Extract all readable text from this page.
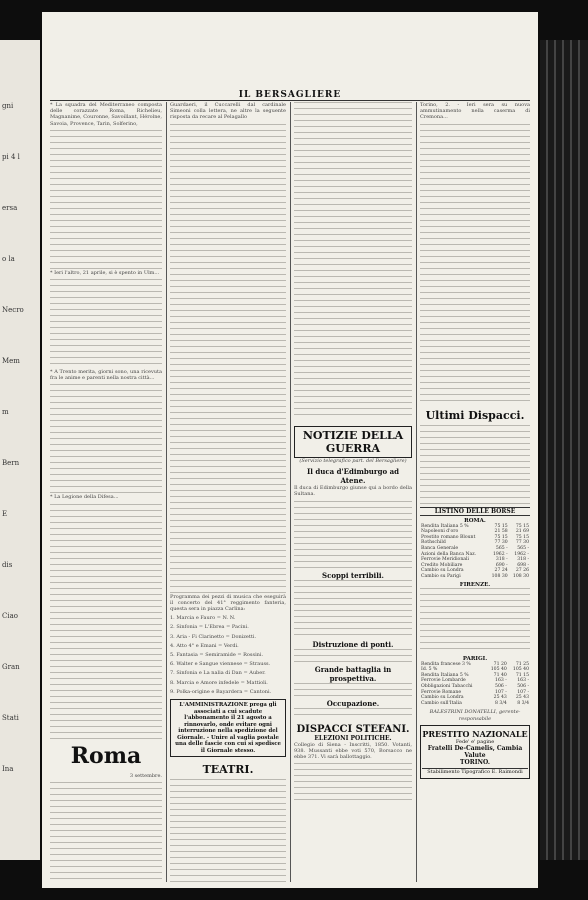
gni
pi 4 l
ersa
o la
Necro
Mem
m
Bern
E
dis
Ciao
Gran
Stati
Ina
IL BERSAGLIERE

* La squadra del Mediterraneo composta delle corazzate Roma, Richelieu, Magnanime, Couronne, Savoillant, Hérolne, Savoia, Provence, Tarin, Solferino,

* Ieri l'altro, 21 aprile, si è spento in Ulm...

* A Trento merita, giorni sono, una ricevuta fra le anime e parenti nella nostra città...

* La Legione della Difesa...

Roma

3 settembre.

Guardaeri, il Cuccarelli dal cardinale Simeoni colla lettera, ne altre la seguente risposta da recare al Pelagallo

Programma dei pezzi di musica che eseguirà il concerto del 41° reggimento fanteria, questa sera in piazza Carlina:

1. Marcia e Fauro = N. N.

2. Sinfonia = L'Ebrea = Pacini.

3. Aria - Fi Clarinetto = Donizetti.

4. Atto 4° e Emani = Verdi.

5. Fantasia = Semiramide = Rossini.

6. Walter e Sangue viennese = Strauss.

7. Sinfonia e La nalia di Dan = Auber.

8. Marcia e Amore infedele = Mattioli.

9. Polka-origine e Bayardera = Cantoni.

L'AMMINISTRAZIONE prega gli associati a cui scadute l'abbonamento il 21 agosto a rinnovarlo, onde evitare ogni interruzione nella spedizione del Giornale. - Unire al vaglia postale una delle fascie con cui si spedisce il Giornale stesso.
TEATRI.
NOTIZIE DELLA GUERRA

(Servizio telegrafico part. del Bersagliere)

Il duca d'Edimburgo ad Atene.

Il duca di Edimburgo giunse qui a bordo della Sultana.

Scoppi terribili.
Distruzione di ponti.
Grande battaglia in prospettiva.
Occupazione.
DISPACCI STEFANI.
ELEZIONI POLITICHE.

Collegio di Siena - Inscritti, 1850. Votanti, 938. Mussanti ebbe voti 570, Borsacco ne ebbe 371. Vi sarà ballottaggio.

Torino, 2. - Ieri sera su nuova ammutinamento nella caserma di Cremona...

Ultimi Dispacci.
LISTINO DELLE BORSE
ROMA.
Rendita Italiana 5 %	75 15	75 15
Napoleoni d'oro	21 58	21 69
Prestito romano Blount	75 15	75 15
Rothschild	77 30	77 30
Banca Generale	565 -	565 -
Azioni della Banca Naz.	1962 -	1962 -
Ferrovie Meridionali	318 -	318 -
Credito Mobiliare	690 -	698 -
Cambio su Londra	27 24	27 26
Cambio su Parigi	108 30	108 30
FIRENZE.
PARIGI.
Rendita francese 3 %	71 20	71 25
Id. 5 %	105 40	105 40
Rendita Italiana 5 %	71 40	71 15
Ferrovie Lombarde	163 -	163 -
Obbligazioni Tabacchi	506 -	506 -
Ferrovie Romane	107 -	107 -
Cambio su Londra	25 43	25 43
Cambio sull'Italia	8 3/4	8 3/4

BALESTRINI DONATELLI, gerente-responsabile

PRESTITO NAZIONALE
Fede' e' pagine
Fratelli De-Camelis, Cambia Valute
TORINO.
Stabilimento Tipografico E. Raimondi
